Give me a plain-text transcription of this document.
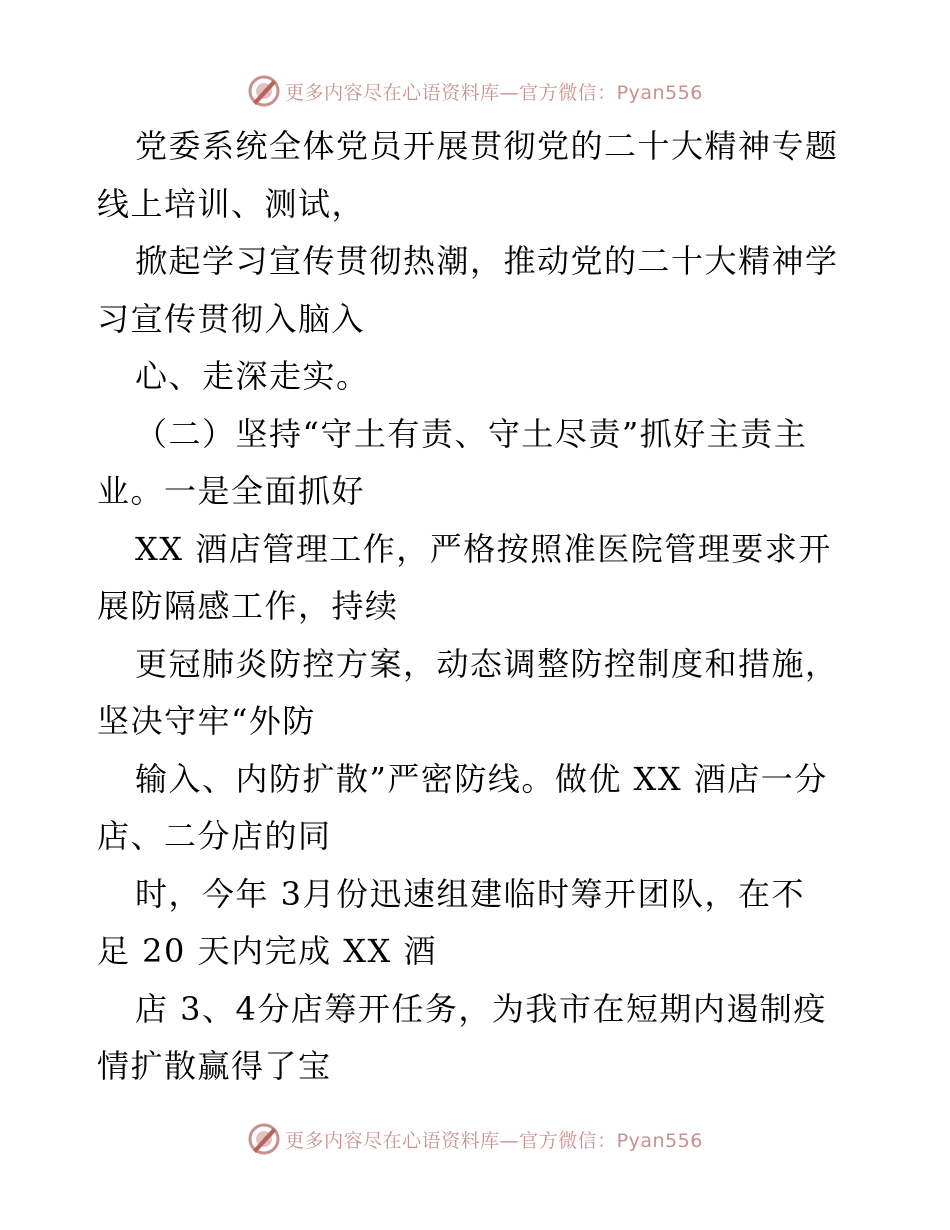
更多内容尽在心语资料库—官方微信：Pyan556
党委系统全体党员开展贯彻党的二十大精神专题
线上培训、测试，
掀起学习宣传贯彻热潮，推动党的二十大精神学
习宣传贯彻入脑入
心、走深走实。
（二）坚持“守土有责、守土尽责”抓好主责主
业。一是全面抓好
XX 酒店管理工作，严格按照准医院管理要求开
展防隔感工作，持续
更冠肺炎防控方案，动态调整防控制度和措施，
坚决守牢“外防
输入、内防扩散”严密防线。做优 XX 酒店一分
店、二分店的同
时，今年 3月份迅速组建临时筹开团队，在不
足 20 天内完成 XX 酒
店 3、4分店筹开任务，为我市在短期内遏制疫
情扩散赢得了宝
更多内容尽在心语资料库—官方微信：Pyan556
